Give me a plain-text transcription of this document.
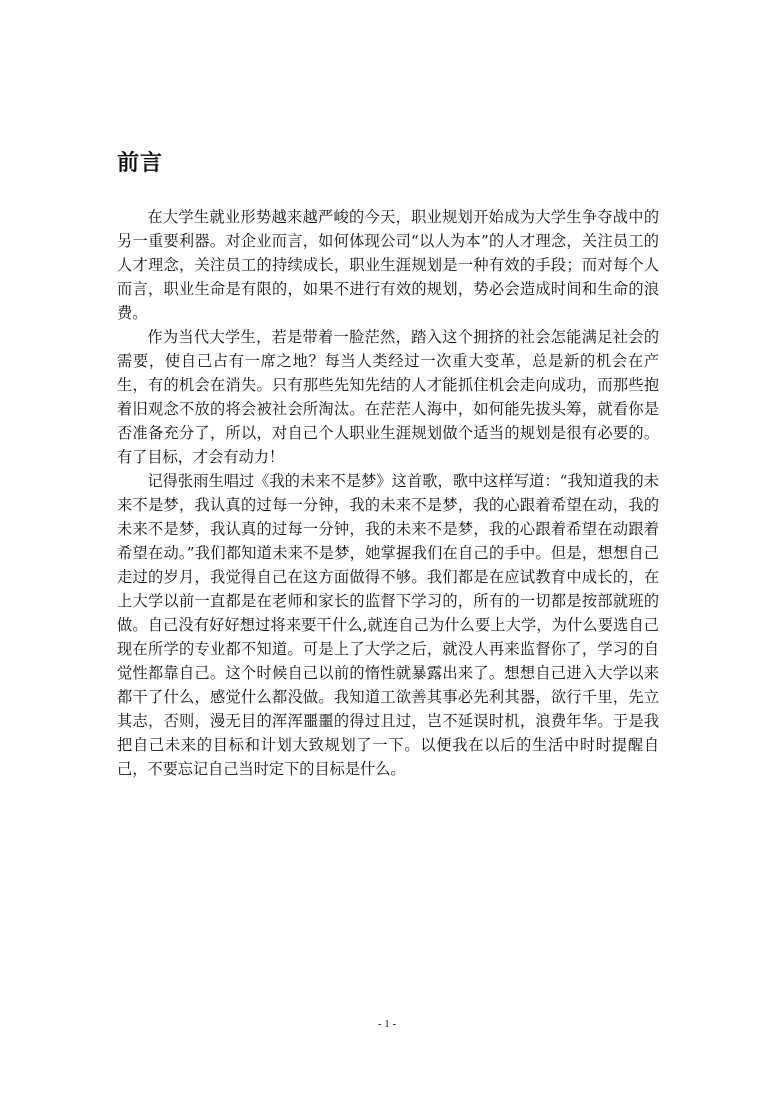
前言

在大学生就业形势越来越严峻的今天，职业规划开始成为大学生争夺战中的另一重要利器。对企业而言，如何体现公司“以人为本”的人才理念，关注员工的人才理念，关注员工的持续成长，职业生涯规划是一种有效的手段；而对每个人而言，职业生命是有限的，如果不进行有效的规划，势必会造成时间和生命的浪费。

作为当代大学生，若是带着一脸茫然，踏入这个拥挤的社会怎能满足社会的需要，使自己占有一席之地？每当人类经过一次重大变革，总是新的机会在产生，有的机会在消失。只有那些先知先结的人才能抓住机会走向成功，而那些抱着旧观念不放的将会被社会所淘汰。在茫茫人海中，如何能先拔头筹，就看你是否准备充分了，所以，对自己个人职业生涯规划做个适当的规划是很有必要的。有了目标，才会有动力！

记得张雨生唱过《我的未来不是梦》这首歌，歌中这样写道：“我知道我的未来不是梦，我认真的过每一分钟，我的未来不是梦，我的心跟着希望在动，我的未来不是梦，我认真的过每一分钟，我的未来不是梦，我的心跟着希望在动跟着希望在动。”我们都知道未来不是梦，她掌握我们在自己的手中。但是，想想自己走过的岁月，我觉得自己在这方面做得不够。我们都是在应试教育中成长的，在上大学以前一直都是在老师和家长的监督下学习的，所有的一切都是按部就班的做。自己没有好好想过将来要干什么,就连自己为什么要上大学，为什么要选自己现在所学的专业都不知道。可是上了大学之后，就没人再来监督你了，学习的自觉性都靠自己。这个时候自己以前的惰性就暴露出来了。想想自己进入大学以来都干了什么，感觉什么都没做。我知道工欲善其事必先利其器，欲行千里，先立其志，否则，漫无目的浑浑噩噩的得过且过，岂不延误时机，浪费年华。于是我把自己未来的目标和计划大致规划了一下。以便我在以后的生活中时时提醒自己，不要忘记自己当时定下的目标是什么。

- 1 -
